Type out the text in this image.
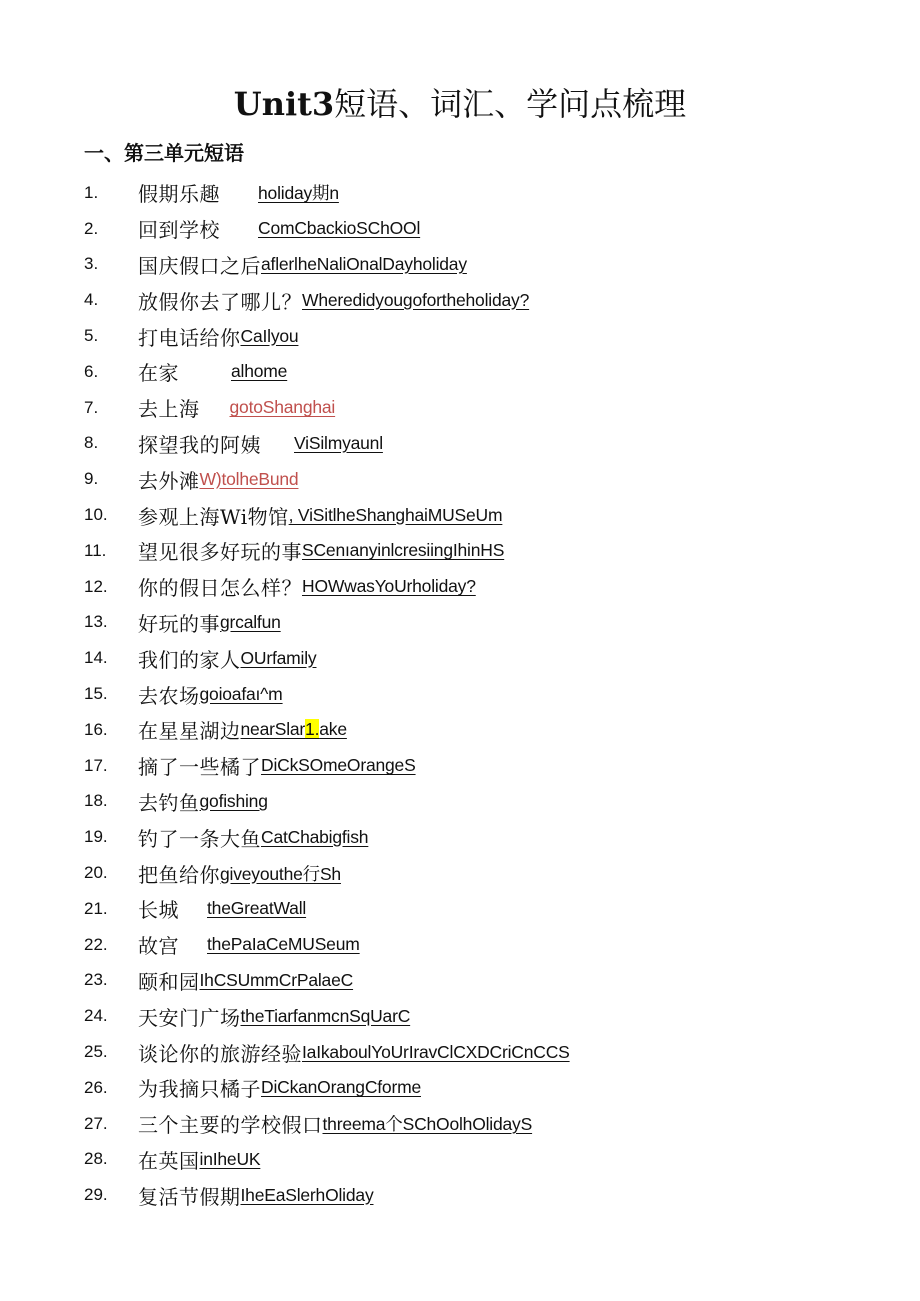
Unit3短语、词汇、学问点梳理
一、第三单元短语
1.	假期乐趣 holiday期n
2.	回到学校 ComCbackioSChOOl
3.	国庆假口之后 aflerlheNaliOnalDayholiday
4.	放假你去了哪儿？ Wheredidyougofortheholiday?
5.	打电话给你 CaIlyou
6.	在家	alhome
7.	去上海 gotoShanghai
8.	探望我的阿姨 ViSilmyaunl
9.	去外滩 W)tolheBund
10.	参观上海Wi物馆 , ViSitlheShanghaiMUSeUm
11.	望见很多好玩的事 SCenıanyinlcresiingIhinHS
12.	你的假日怎么样？ HOWwasYoUrholiday?
13.	好玩的事 grcalfun
14.	我们的家人 OUrfamily
15.	去农场 goioafaı^m
16.	在星星湖边 nearSlar1.ake
17.	摘了一些橘了 DiCkSOmeOrangeS
18.	去钓鱼 gofishing
19.	钓了一条大鱼 CatChabigfish
20.	把鱼给你 giveyouthe行Sh
21.	长城 theGreatWall
22.	故宫 thePaIaCeMUSeum
23.	颐和园 IhCSUmmCrPalaeC
24.	天安门广场 theTiarfanmcnSqUarC
25.	谈论你的旅游经验 IaIkaboulYoUrIravClCXDCriCnCCS
26.	为我摘只橘子 DiCkanOrangCforme
27.	三个主要的学校假口 threema个SChOolhOlidayS
28.	在英国 inIheUK
29.	复活节假期 IheEaSlerhOliday
